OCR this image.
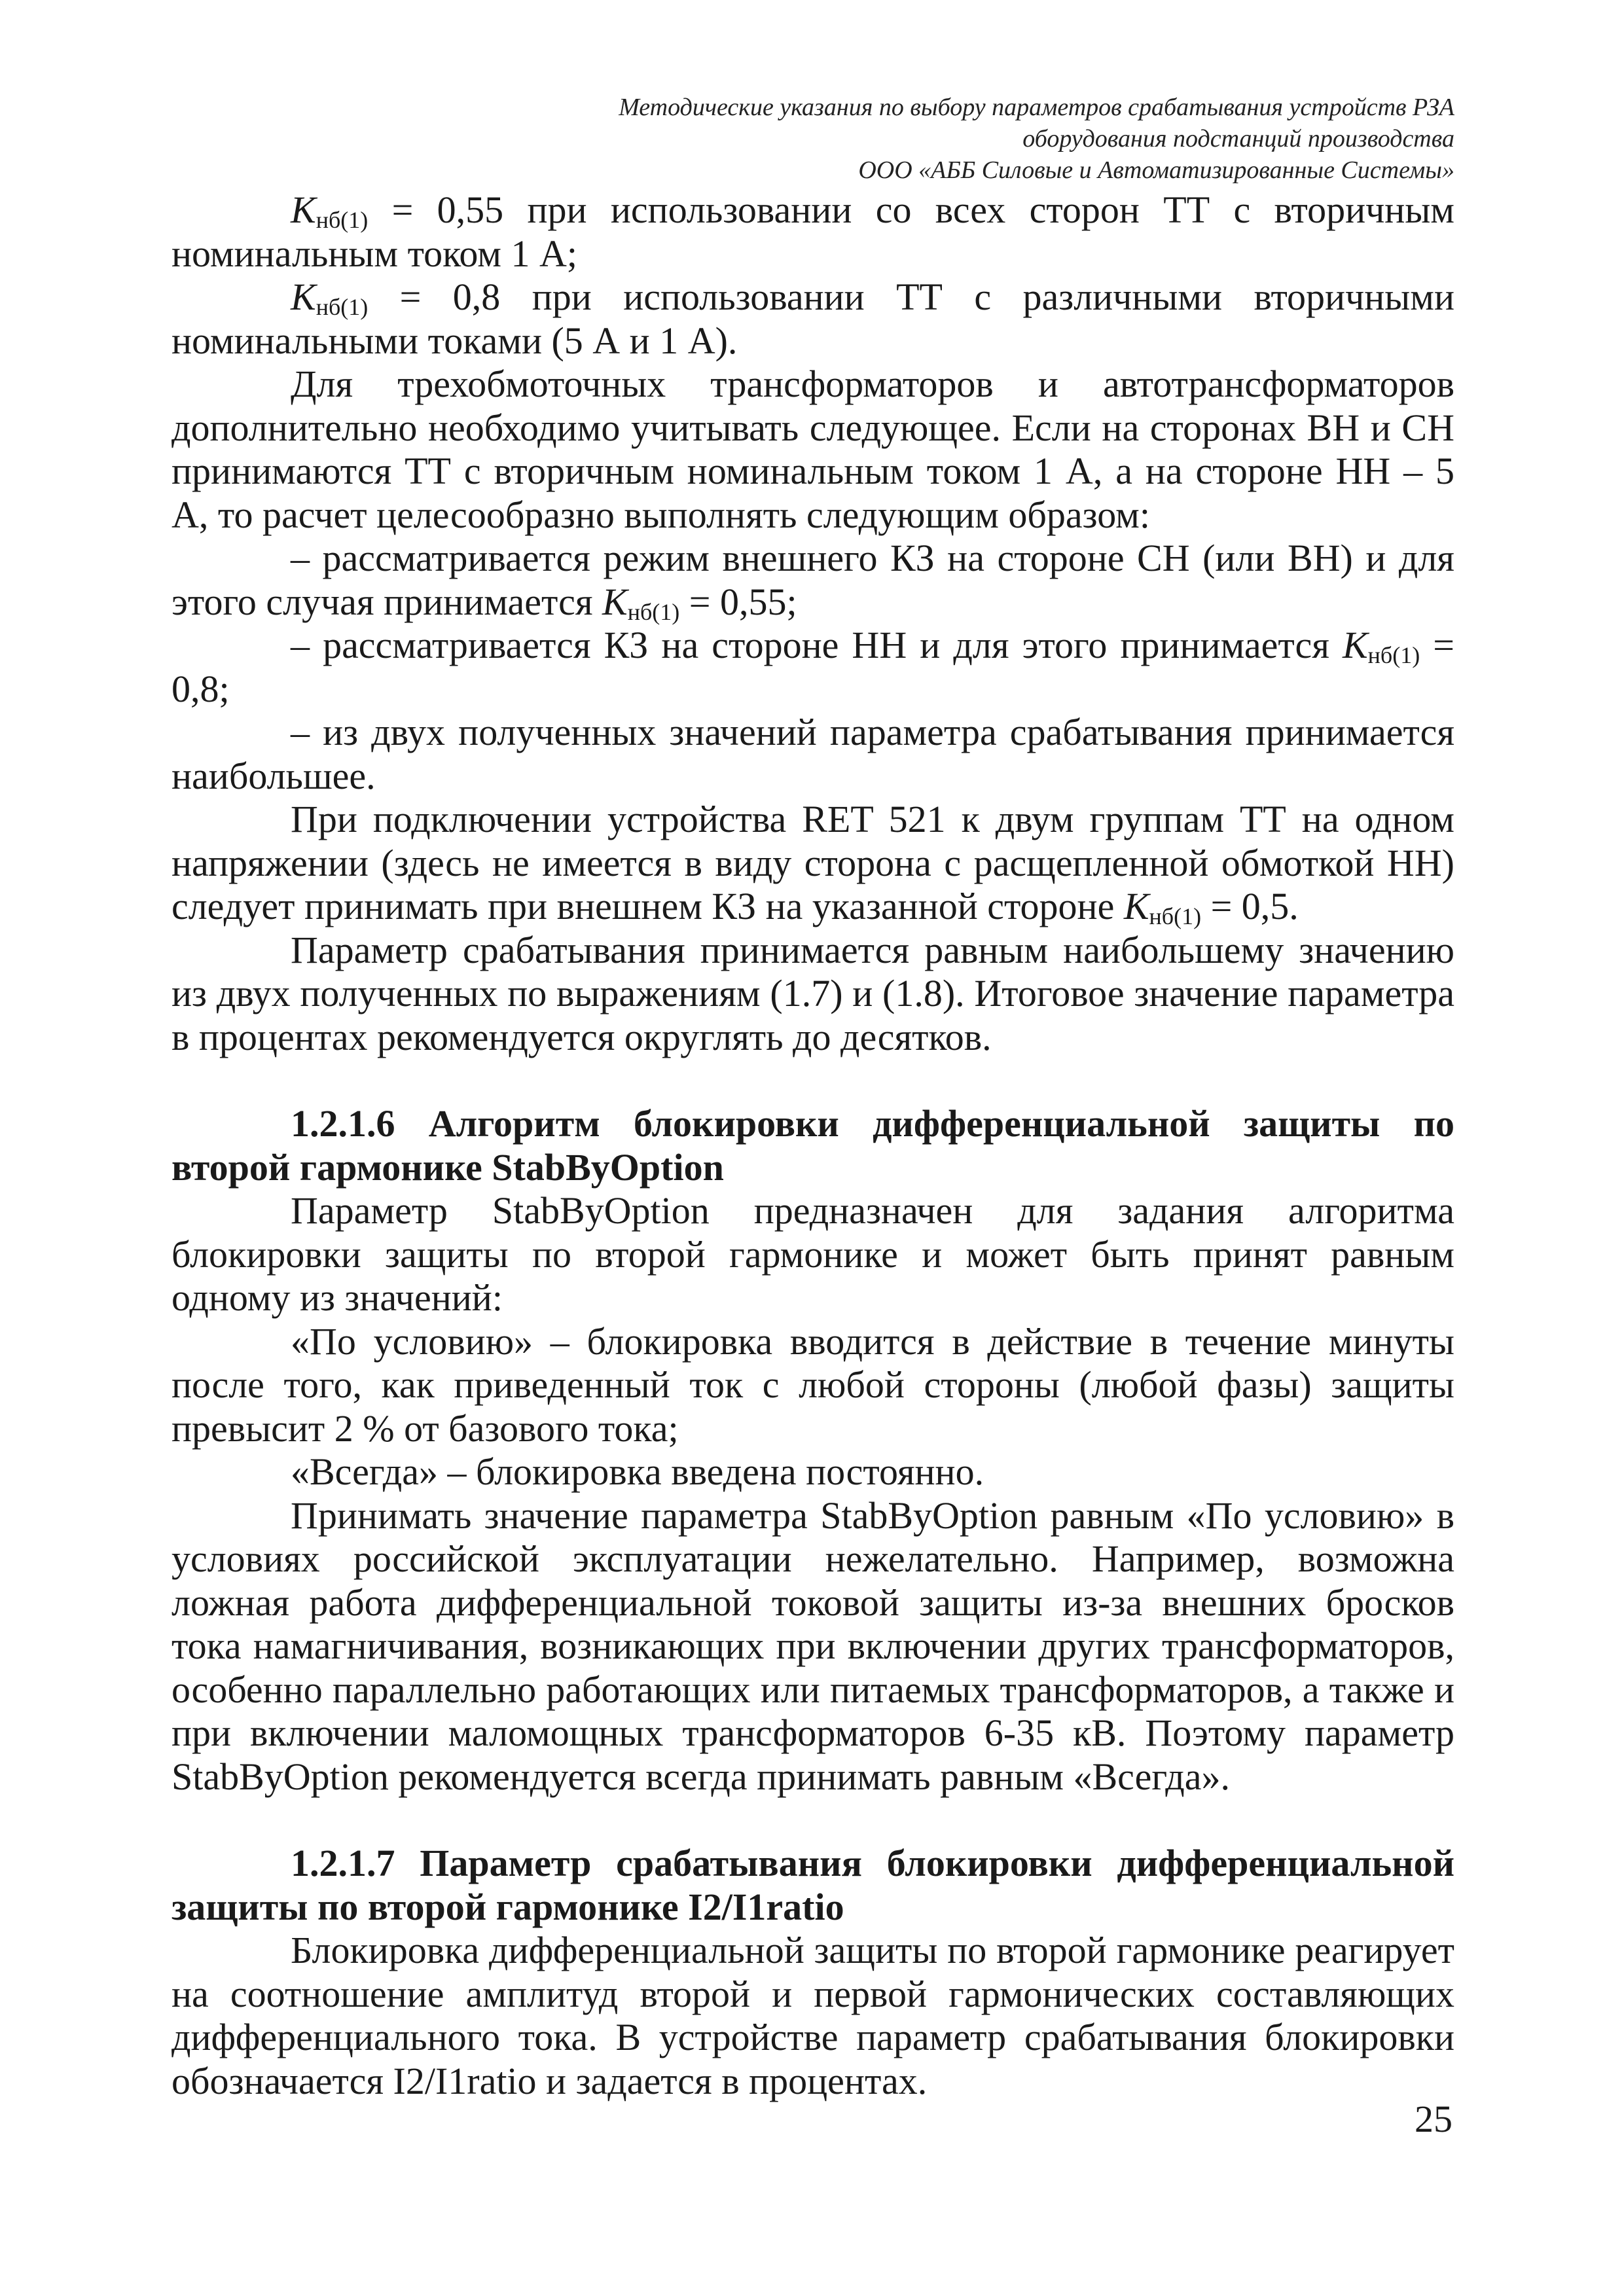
Методические указания по выбору параметров срабатывания устройств РЗА
оборудования подстанций производства
ООО «АББ Силовые и Автоматизированные Системы»

$K_{нб(1)} = 0,55$ при использовании со всех сторон ТТ с вторичным номинальным током 1 А;

$K_{нб(1)} = 0,8$ при использовании ТТ с различными вторичными номинальными токами (5 А и 1 А).

Для трехобмоточных трансформаторов и автотрансформаторов дополнительно необходимо учитывать следующее. Если на сторонах ВН и СН принимаются ТТ с вторичным номинальным током 1 А, а на стороне НН – 5 А, то расчет целесообразно выполнять следующим образом:

– рассматривается режим внешнего КЗ на стороне СН (или ВН) и для этого случая принимается $K_{нб(1)} = 0,55$;

– рассматривается КЗ на стороне НН и для этого принимается $K_{нб(1)} = 0,8$;

– из двух полученных значений параметра срабатывания принимается наибольшее.

При подключении устройства RET 521 к двум группам ТТ на одном напряжении (здесь не имеется в виду сторона с расщепленной обмоткой НН) следует принимать при внешнем КЗ на указанной стороне $K_{нб(1)} = 0,5$.

Параметр срабатывания принимается равным наибольшему значению из двух полученных по выражениям (1.7) и (1.8). Итоговое значение параметра в процентах рекомендуется округлять до десятков.

1.2.1.6 Алгоритм блокировки дифференциальной защиты по второй гармонике StabByOption

Параметр StabByOption предназначен для задания алгоритма блокировки защиты по второй гармонике и может быть принят равным одному из значений:

«По условию» – блокировка вводится в действие в течение минуты после того, как приведенный ток с любой стороны (любой фазы) защиты превысит 2 % от базового тока;

«Всегда» – блокировка введена постоянно.

Принимать значение параметра StabByOption равным «По условию» в условиях российской эксплуатации нежелательно. Например, возможна ложная работа дифференциальной токовой защиты из-за внешних бросков тока намагничивания, возникающих при включении других трансформаторов, особенно параллельно работающих или питаемых трансформаторов, а также и при включении маломощных трансформаторов 6-35 кВ. Поэтому параметр StabByOption рекомендуется всегда принимать равным «Всегда».

1.2.1.7 Параметр срабатывания блокировки дифференциальной защиты по второй гармонике I2/I1ratio

Блокировка дифференциальной защиты по второй гармонике реагирует на соотношение амплитуд второй и первой гармонических составляющих дифференциального тока. В устройстве параметр срабатывания блокировки обозначается I2/I1ratio и задается в процентах.

25
